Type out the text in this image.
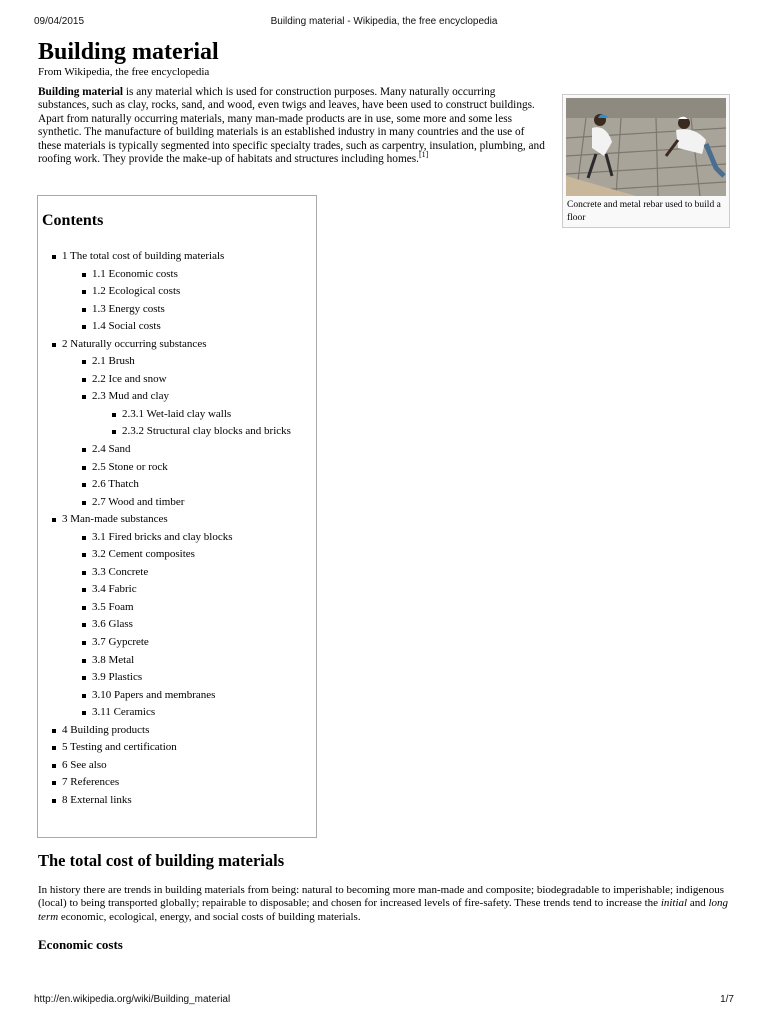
09/04/2015	Building material - Wikipedia, the free encyclopedia
Building material
From Wikipedia, the free encyclopedia

Building material is any material which is used for construction purposes. Many naturally occurring substances, such as clay, rocks, sand, and wood, even twigs and leaves, have been used to construct buildings. Apart from naturally occurring materials, many man-made products are in use, some more and some less synthetic. The manufacture of building materials is an established industry in many countries and the use of these materials is typically segmented into specific specialty trades, such as carpentry, insulation, plumbing, and roofing work. They provide the make-up of habitats and structures including homes.[1]

Concrete and metal rebar used to build a floor
Contents
1 The total cost of building materials
1.1 Economic costs
1.2 Ecological costs
1.3 Energy costs
1.4 Social costs
2 Naturally occurring substances
2.1 Brush
2.2 Ice and snow
2.3 Mud and clay
2.3.1 Wet-laid clay walls
2.3.2 Structural clay blocks and bricks
2.4 Sand
2.5 Stone or rock
2.6 Thatch
2.7 Wood and timber
3 Man-made substances
3.1 Fired bricks and clay blocks
3.2 Cement composites
3.3 Concrete
3.4 Fabric
3.5 Foam
3.6 Glass
3.7 Gypcrete
3.8 Metal
3.9 Plastics
3.10 Papers and membranes
3.11 Ceramics
4 Building products
5 Testing and certification
6 See also
7 References
8 External links
The total cost of building materials

In history there are trends in building materials from being: natural to becoming more man-made and composite; biodegradable to imperishable; indigenous (local) to being transported globally; repairable to disposable; and chosen for increased levels of fire-safety. These trends tend to increase the initial and long term economic, ecological, energy, and social costs of building materials.

Economic costs
http://en.wikipedia.org/wiki/Building_material	1/7
